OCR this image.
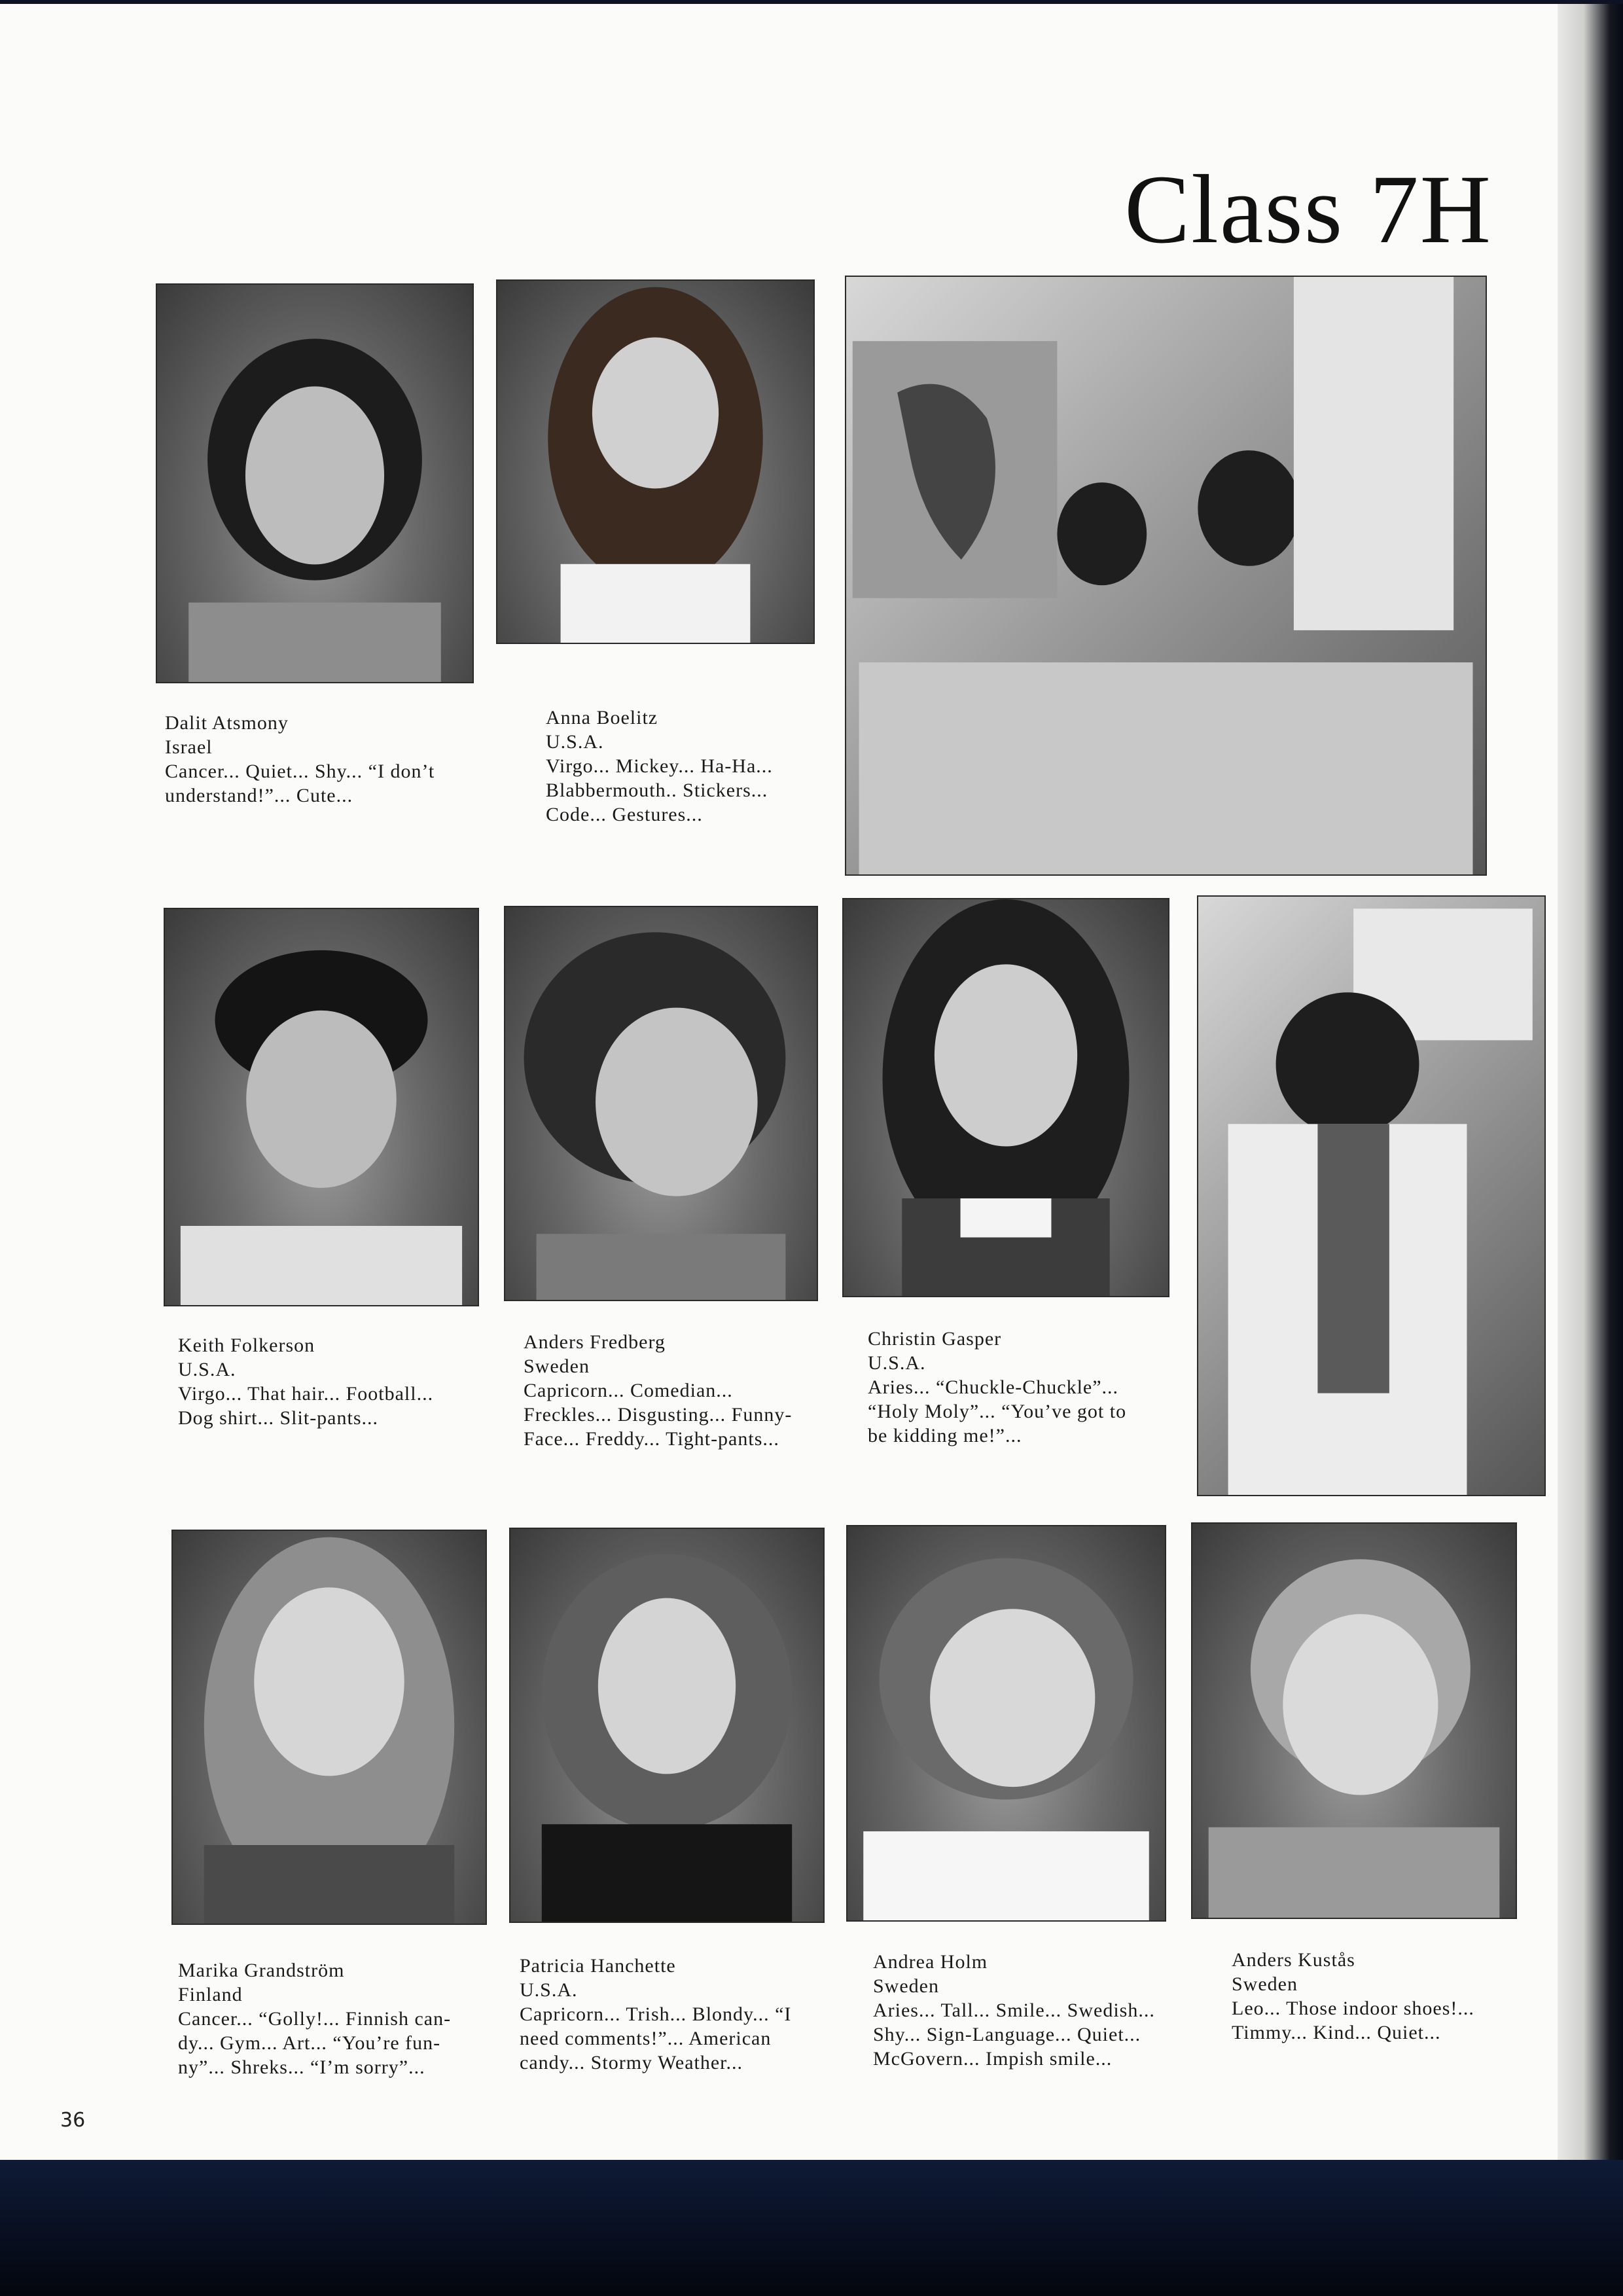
Class 7H
Dalit Atsmony
Israel
Cancer... Quiet... Shy... “I don’t
understand!”... Cute...
Anna Boelitz
U.S.A.
Virgo... Mickey... Ha-Ha...
Blabbermouth.. Stickers...
Code... Gestures...
Keith Folkerson
U.S.A.
Virgo... That hair... Football...
Dog shirt... Slit-pants...
Anders Fredberg
Sweden
Capricorn... Comedian...
Freckles... Disgusting... Funny-
Face... Freddy... Tight-pants...
Christin Gasper
U.S.A.
Aries... “Chuckle-Chuckle”...
“Holy Moly”... “You’ve got to
be kidding me!”...
Marika Grandström
Finland
Cancer... “Golly!... Finnish can-
dy... Gym... Art... “You’re fun-
ny”... Shreks... “I’m sorry”...
Patricia Hanchette
U.S.A.
Capricorn... Trish... Blondy... “I
need comments!”... American
candy... Stormy Weather...
Andrea Holm
Sweden
Aries... Tall... Smile... Swedish...
Shy... Sign-Language... Quiet...
McGovern... Impish smile...
Anders Kustås
Sweden
Leo... Those indoor shoes!...
Timmy... Kind... Quiet...
36
